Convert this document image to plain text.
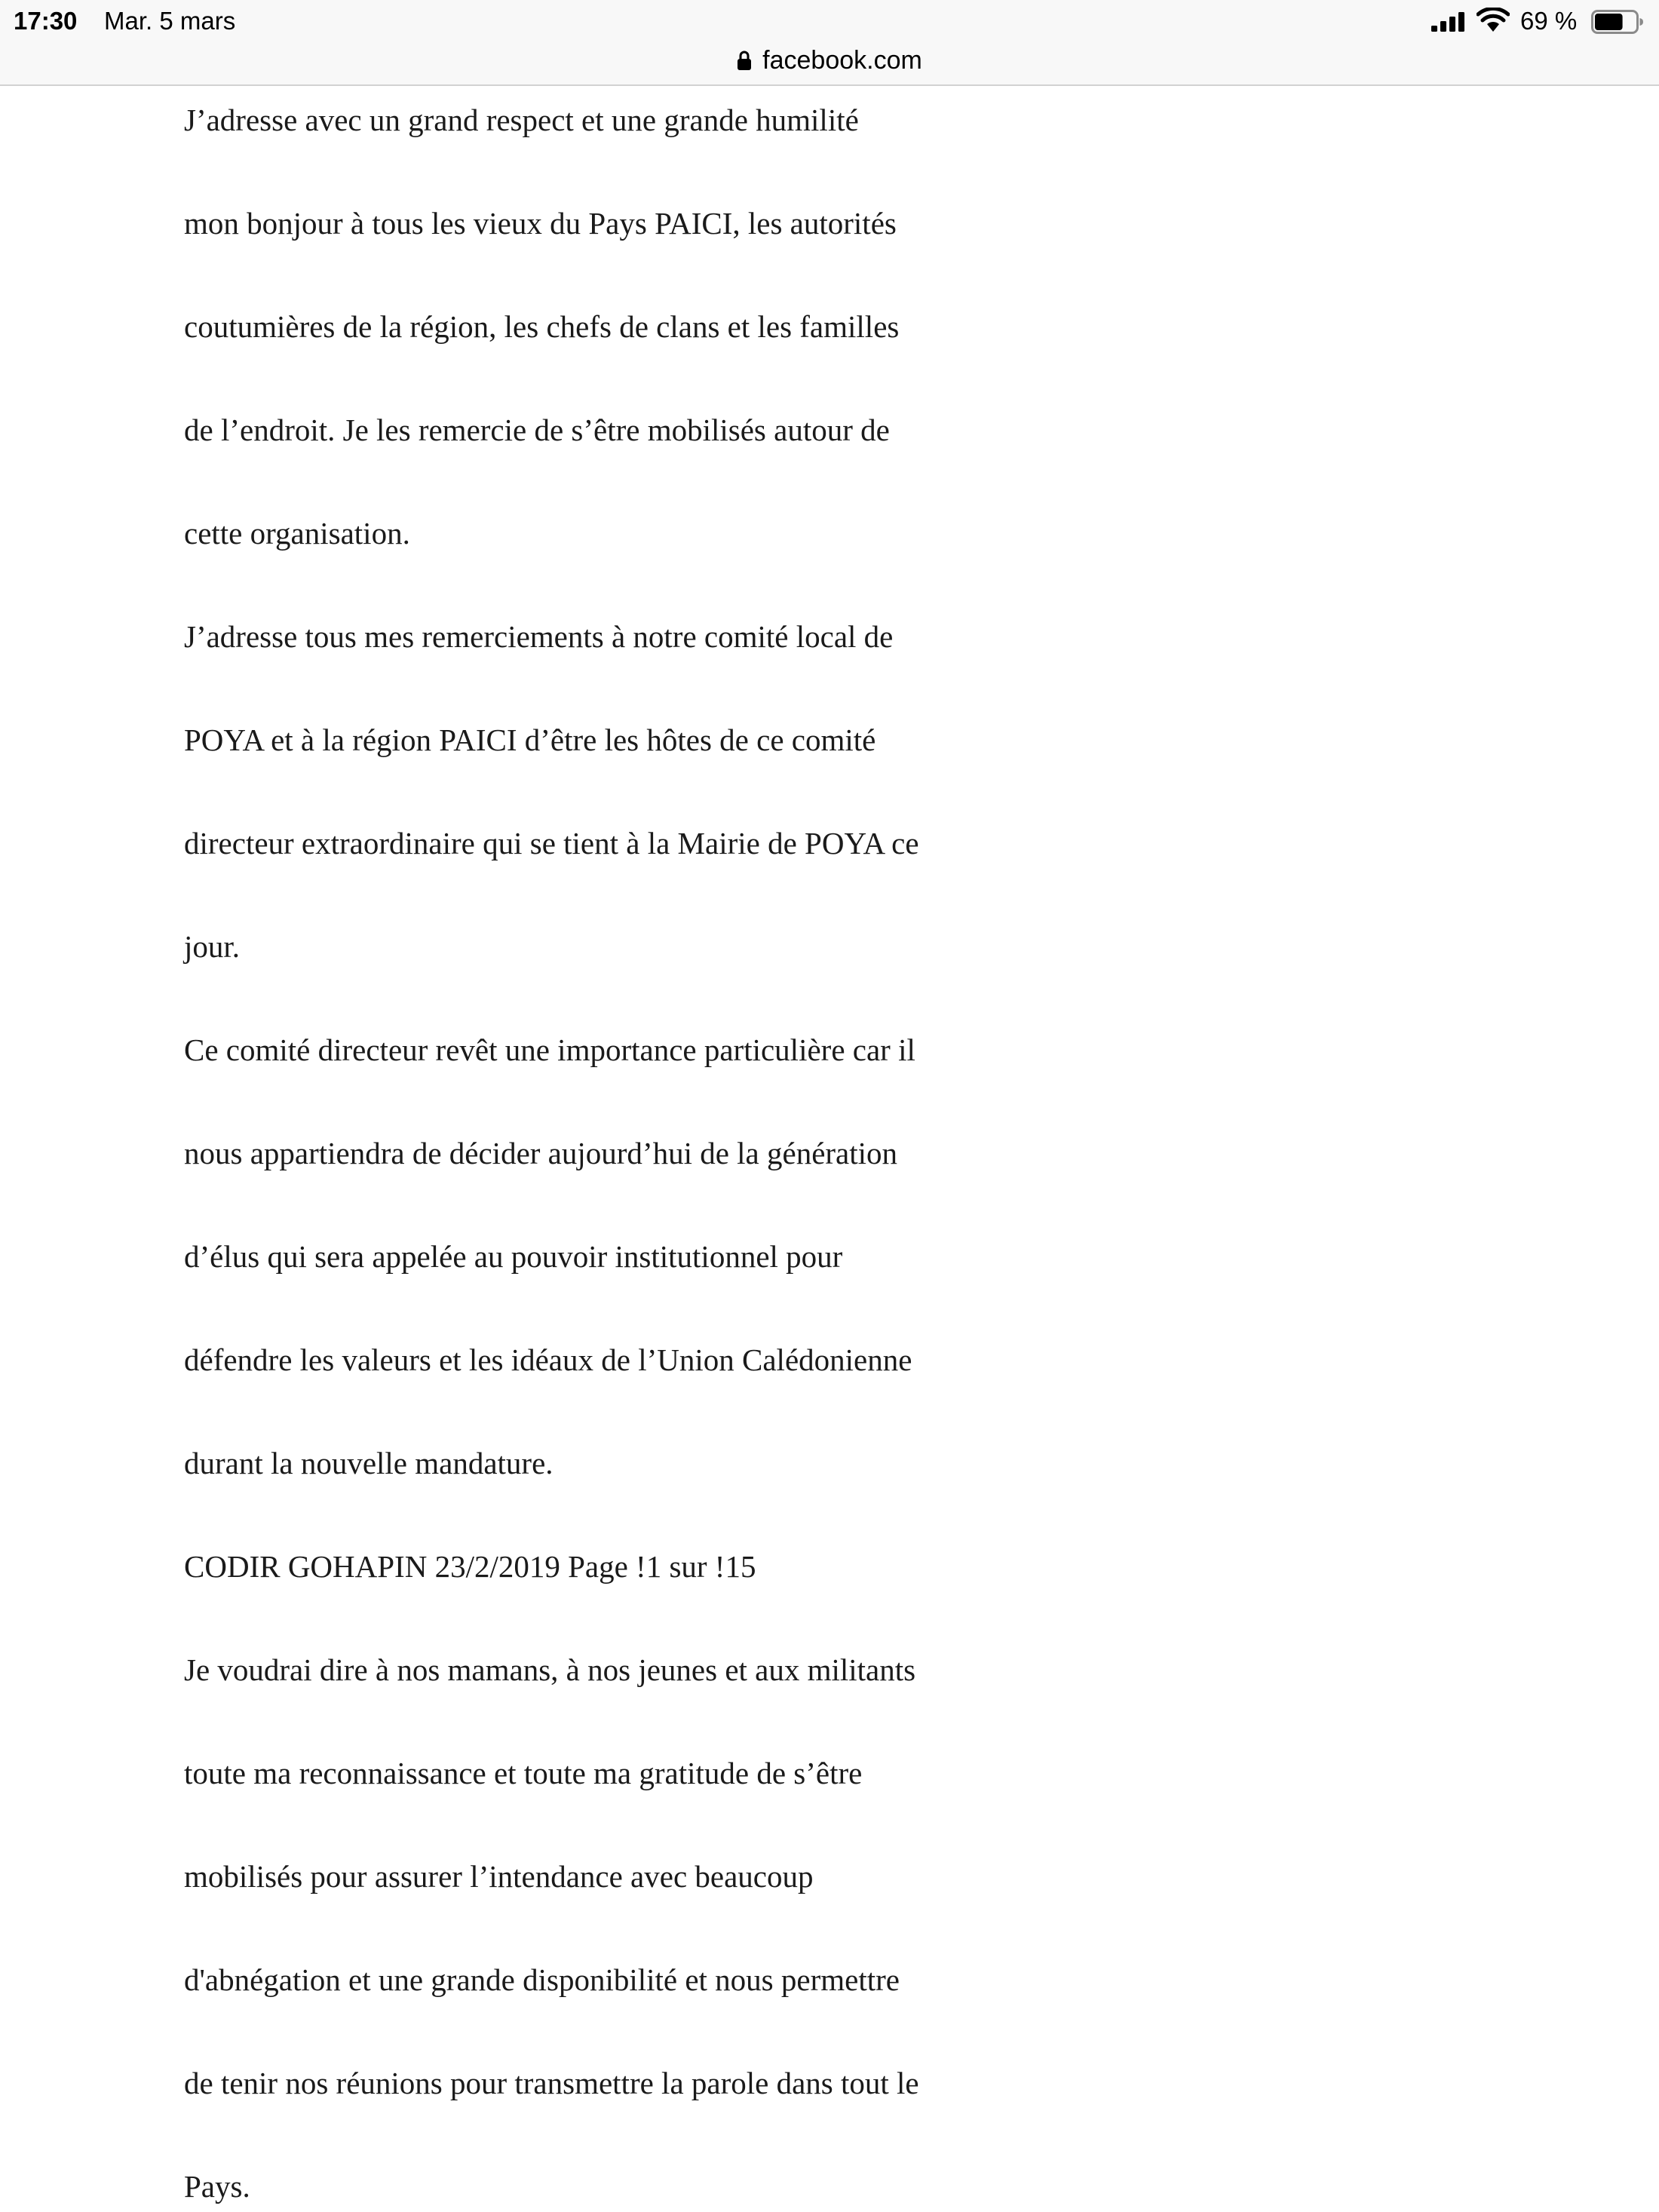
17:30 Mar. 5 mars	69 %
facebook.com
J’adresse avec un grand respect et une grande humilité
mon bonjour à tous les vieux du Pays PAICI, les autorités
coutumières de la région, les chefs de clans et les familles
de l’endroit. Je les remercie de s’être mobilisés autour de
cette organisation.
J’adresse tous mes remerciements à notre comité local de
POYA et à la région PAICI d’être les hôtes de ce comité
directeur extraordinaire qui se tient à la Mairie de POYA ce
jour.
Ce comité directeur revêt une importance particulière car il
nous appartiendra de décider aujourd’hui de la génération
d’élus qui sera appelée au pouvoir institutionnel pour
défendre les valeurs et les idéaux de l’Union Calédonienne
durant la nouvelle mandature.
CODIR GOHAPIN 23/2/2019 Page !1 sur !15
Je voudrai dire à nos mamans, à nos jeunes et aux militants
toute ma reconnaissance et toute ma gratitude de s’être
mobilisés pour assurer l’intendance avec beaucoup
d'abnégation et une grande disponibilité et nous permettre
de tenir nos réunions pour transmettre la parole dans tout le
Pays.
